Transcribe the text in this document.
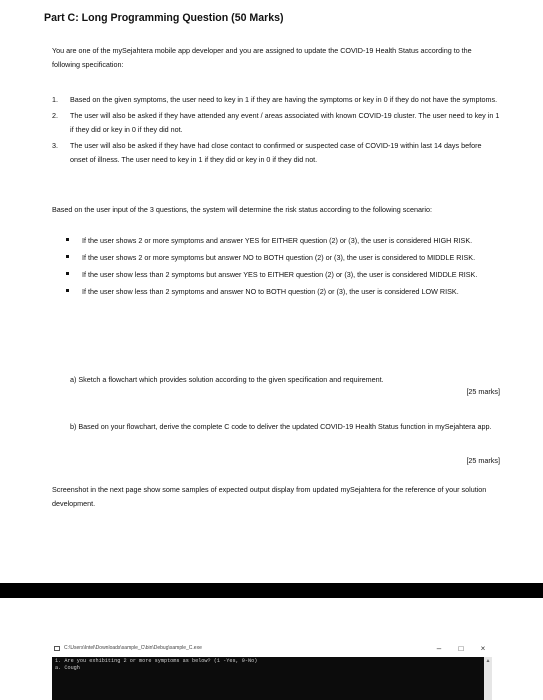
Part C: Long Programming Question (50 Marks)
You are one of the mySejahtera mobile app developer and you are assigned to update the COVID-19 Health Status according to the following specification:
1. Based on the given symptoms, the user need to key in 1 if they are having the symptoms or key in 0 if they do not have the symptoms.
2. The user will also be asked if they have attended any event / areas associated with known COVID-19 cluster. The user need to key in 1 if they did or key in 0 if they did not.
3. The user will also be asked if they have had close contact to confirmed or suspected case of COVID-19 within last 14 days before onset of illness. The user need to key in 1 if they did or key in 0 if they did not.
Based on the user input of the 3 questions, the system will determine the risk status according to the following scenario:
If the user shows 2 or more symptoms and answer YES for EITHER question (2) or (3), the user is considered HIGH RISK.
If the user shows 2 or more symptoms but answer NO to BOTH question (2) or (3), the user is considered to MIDDLE RISK.
If the user show less than 2 symptoms but answer YES to EITHER question (2) or (3), the user is considered MIDDLE RISK.
If the user show less than 2 symptoms and answer NO to BOTH question (2) or (3), the user is considered LOW RISK.
a) Sketch a flowchart which provides solution according to the given specification and requirement.
[25 marks]
b) Based on your flowchart, derive the complete C code to deliver the updated COVID-19 Health Status function in mySejahtera app.
[25 marks]
Screenshot in the next page show some samples of expected output display from updated mySejahtera for the reference of your solution development.
C:\Users\Intel\Downloads\sample_C\bin\Debug\sample_C.exe	–	□	×
1. Are you exhibiting 2 or more symptoms as below? (1 -Yes, 0-No)
a. Cough
▲
